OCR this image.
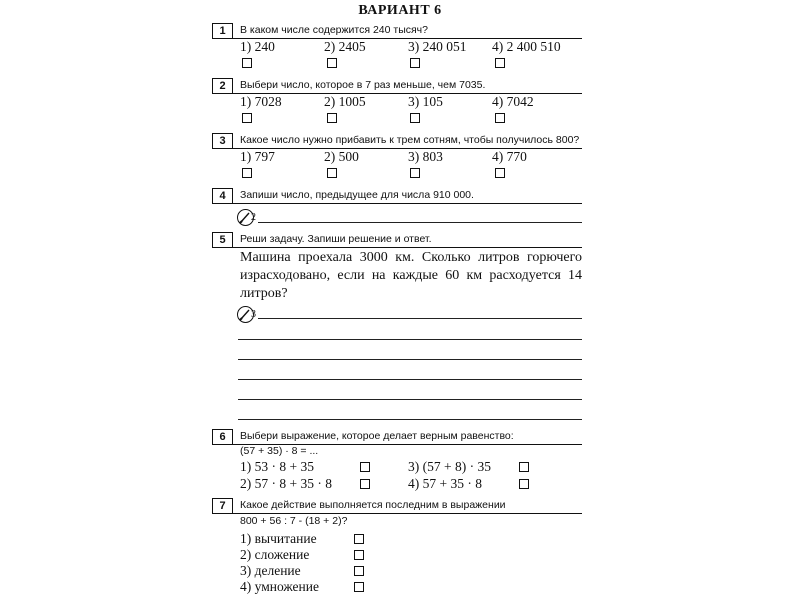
ВАРИАНТ 6
1	В каком числе содержится 240 тысяч?
1) 240	2) 2405	3) 240 051 4) 2 400 510
2	Выбери число, которое в 7 раз меньше, чем 7035.
1) 7028	2) 1005	3) 105	4) 7042
3	Какое число нужно прибавить к трем сотням, чтобы получилось 800?
1) 797	2) 500	3) 803	4) 770
4	Запиши число, предыдущее для числа 910 000.
2
5	Реши задачу. Запиши решение и ответ.
Машина проехала 3000 км. Сколько литров горючего израсходовано, если на каждые 60 км расходуется 14 литров?
3
6	Выбери выражение, которое делает верным равенство:
(57 + 35) · 8 = ...
1) 53 · 8 + 35	3) (57 + 8) · 35
2) 57 · 8 + 35 · 8	4) 57 + 35 · 8
7	Какое действие выполняется последним в выражении
800 + 56 : 7 - (18 + 2)?
1) вычитание
2) сложение
3) деление
4) умножение
